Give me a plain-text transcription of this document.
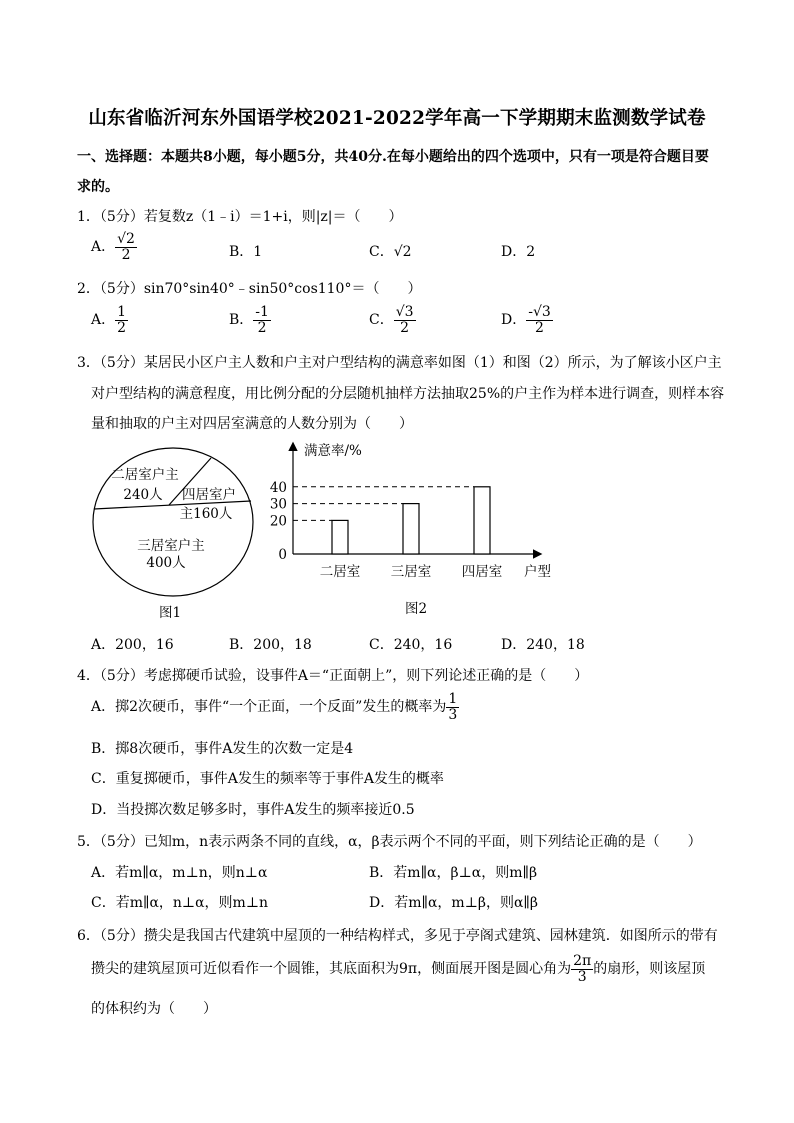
山东省临沂河东外国语学校2021-2022学年高一下学期期末监测数学试卷
一、选择题：本题共8小题，每小题5分，共40分.在每小题给出的四个选项中，只有一项是符合题目要
求的。
1．（5分）若复数z（1﹣i）＝1+i，则|z|＝（　　）
A． $\frac{√2}{2}$	B．1	C．√2	D．2
2．（5分）sin70°sin40°﹣sin50°cos110°＝（　　）
A． $\frac{1}{2}$	B． $\frac{-1}{2}$	C． $\frac{√3}{2}$	D． $\frac{-√3}{2}$
3．（5分）某居民小区户主人数和户主对户型结构的满意率如图（1）和图（2）所示，为了解该小区户主
对户型结构的满意程度，用比例分配的分层随机抽样方法抽取25%的户主作为样本进行调查，则样本容
量和抽取的户主对四居室满意的人数分别为（　　）
二居室户主
240人 四居室户
主160人
三居室户主
400人
图1
满意率/%
户型
0
20
30
40
二居室 三居室 四居室
图2
A．200，16	B．200，18	C．240，16	D．240，18
4．（5分）考虑掷硬币试验，设事件A＝“正面朝上”，则下列论述正确的是（　　）
A．掷2次硬币，事件“一个正面，一个反面”发生的概率为 $\frac{1}{3}$
B．掷8次硬币，事件A发生的次数一定是4
C．重复掷硬币，事件A发生的频率等于事件A发生的概率
D．当投掷次数足够多时，事件A发生的频率接近0.5
5．（5分）已知m，n表示两条不同的直线，α，β表示两个不同的平面，则下列结论正确的是（　　）
A．若m∥α，m⊥n，则n⊥α	B．若m∥α，β⊥α，则m∥β
C．若m∥α，n⊥α，则m⊥n	D．若m∥α，m⊥β，则α∥β
6．（5分）攒尖是我国古代建筑中屋顶的一种结构样式，多见于亭阁式建筑、园林建筑．如图所示的带有
攒尖的建筑屋顶可近似看作一个圆锥，其底面积为9π，侧面展开图是圆心角为 $\frac{2\pi}{3}$ 的扇形，则该屋顶
的体积约为（　　）
